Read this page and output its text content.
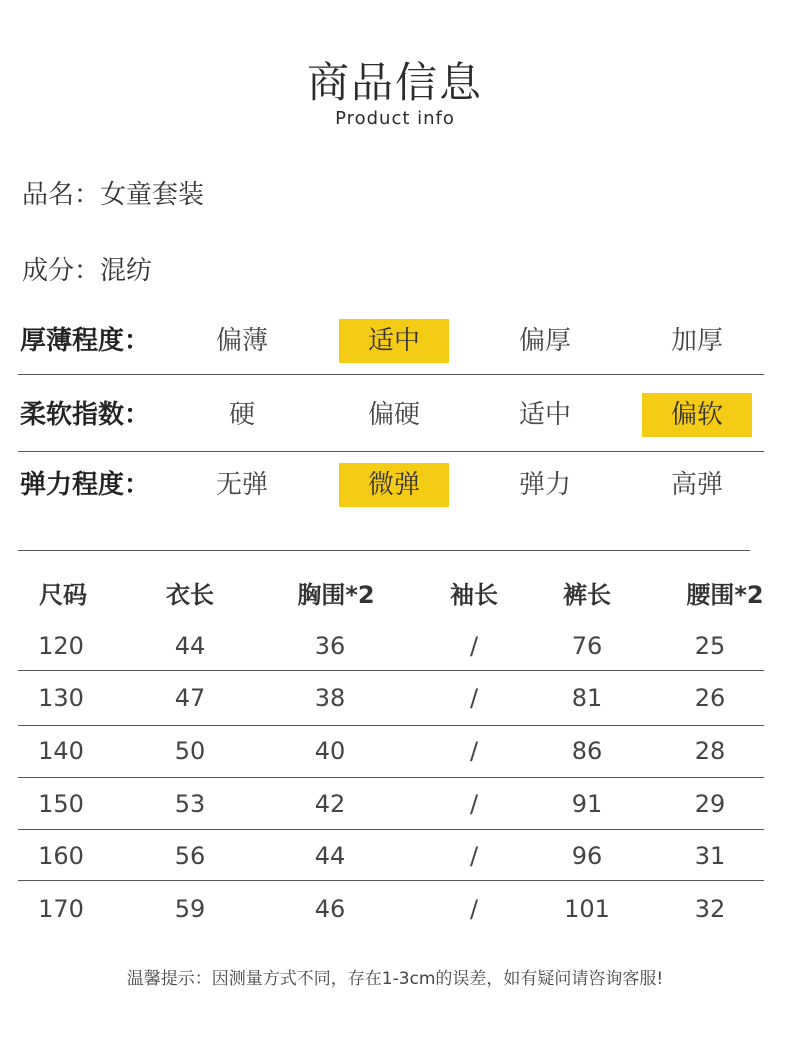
商品信息
Product info
品名：女童套装
成分：混纺
厚薄程度：	偏薄	适中	偏厚	加厚
柔软指数：	硬	偏硬	适中	偏软
弹力程度：	无弹	微弹	弹力	高弹
尺码	衣长	胸围*2	袖长	裤长	腰围*2
120	44	36	/	76	25
130	47	38	/	81	26
140	50	40	/	86	28
150	53	42	/	91	29
160	56	44	/	96	31
170	59	46	/	101	32
温馨提示：因测量方式不同，存在1-3cm的误差，如有疑问请咨询客服!
